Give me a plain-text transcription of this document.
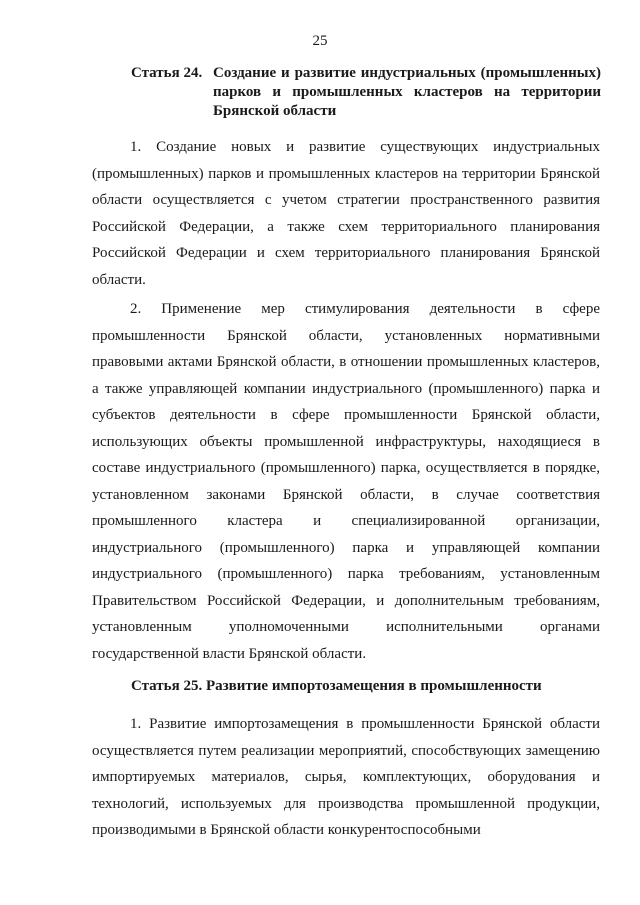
25
Статья 24. Создание и развитие индустриальных (промышленных) парков и промышленных кластеров на территории Брянской области

1. Создание новых и развитие существующих индустриальных (промышленных) парков и промышленных кластеров на территории Брянской области осуществляется с учетом стратегии пространственного развития Российской Федерации, а также схем территориального планирования Российской Федерации и схем территориального планирования Брянской области.

2. Применение мер стимулирования деятельности в сфере промышленности Брянской области, установленных нормативными правовыми актами Брянской области, в отношении промышленных кластеров, а также управляющей компании индустриального (промышленного) парка и субъектов деятельности в сфере промышленности Брянской области, использующих объекты промышленной инфраструктуры, находящиеся в составе индустриального (промышленного) парка, осуществляется в порядке, установленном законами Брянской области, в случае соответствия промышленного кластера и специализированной организации, индустриального (промышленного) парка и управляющей компании индустриального (промышленного) парка требованиям, установленным Правительством Российской Федерации, и дополнительным требованиям, установленным уполномоченными исполнительными органами государственной власти Брянской области.

Статья 25. Развитие импортозамещения в промышленности

1. Развитие импортозамещения в промышленности Брянской области осуществляется путем реализации мероприятий, способствующих замещению импортируемых материалов, сырья, комплектующих, оборудования и технологий, используемых для производства промышленной продукции, производимыми в Брянской области конкурентоспособными
